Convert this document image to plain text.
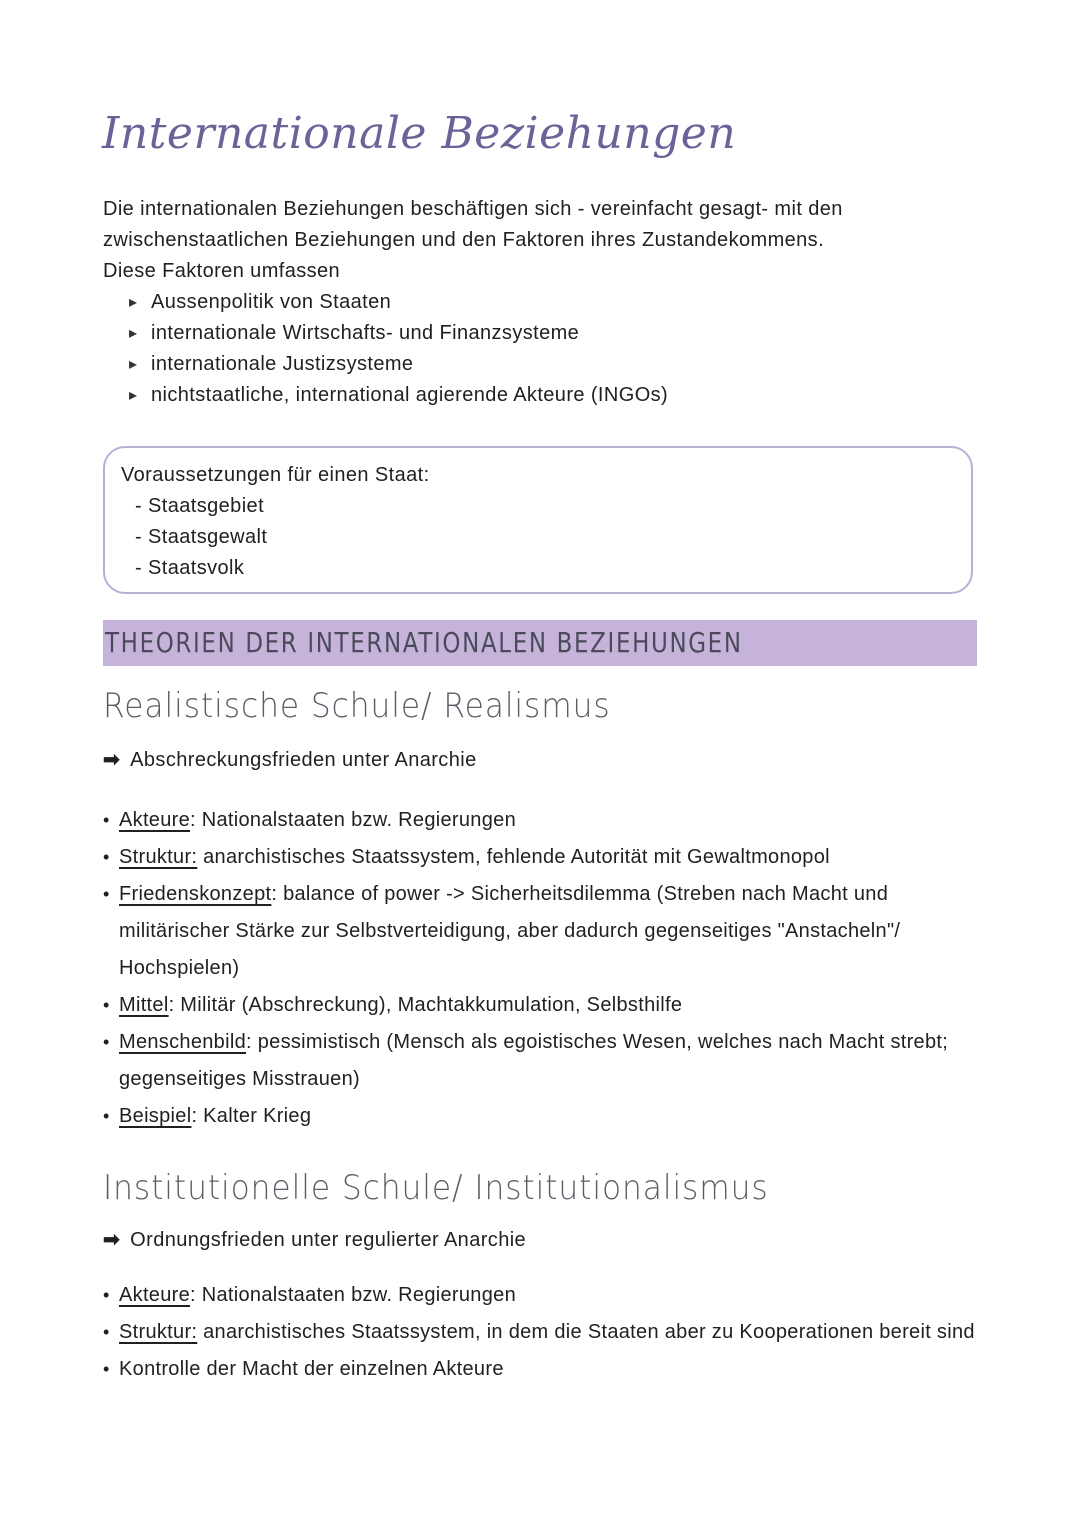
Internationale Beziehungen

Die internationalen Beziehungen beschäftigen sich - vereinfacht gesagt- mit den

zwischenstaatlichen Beziehungen und den Faktoren ihres Zustandekommens.

Diese Faktoren umfassen

▸ Aussenpolitik von Staaten
▸ internationale Wirtschafts- und Finanzsysteme
▸ internationale Justizsysteme
▸ nichtstaatliche, international agierende Akteure (INGOs)
Voraussetzungen für einen Staat:
- Staatsgebiet
- Staatsgewalt
- Staatsvolk
THEORIEN DER INTERNATIONALEN BEZIEHUNGEN
Realistische Schule/ Realismus
➡ Abschreckungsfrieden unter Anarchie
• Akteure: Nationalstaaten bzw. Regierungen
• Struktur: anarchistisches Staatssystem, fehlende Autorität mit Gewaltmonopol
• Friedenskonzept: balance of power -> Sicherheitsdilemma (Streben nach Macht und militärischer Stärke zur Selbstverteidigung, aber dadurch gegenseitiges "Anstacheln"/ Hochspielen)
• Mittel: Militär (Abschreckung), Machtakkumulation, Selbsthilfe
• Menschenbild: pessimistisch (Mensch als egoistisches Wesen, welches nach Macht strebt; gegenseitiges Misstrauen)
• Beispiel: Kalter Krieg
Institutionelle Schule/ Institutionalismus
➡ Ordnungsfrieden unter regulierter Anarchie
• Akteure: Nationalstaaten bzw. Regierungen
• Struktur: anarchistisches Staatssystem, in dem die Staaten aber zu Kooperationen bereit sind
• Kontrolle der Macht der einzelnen Akteure
